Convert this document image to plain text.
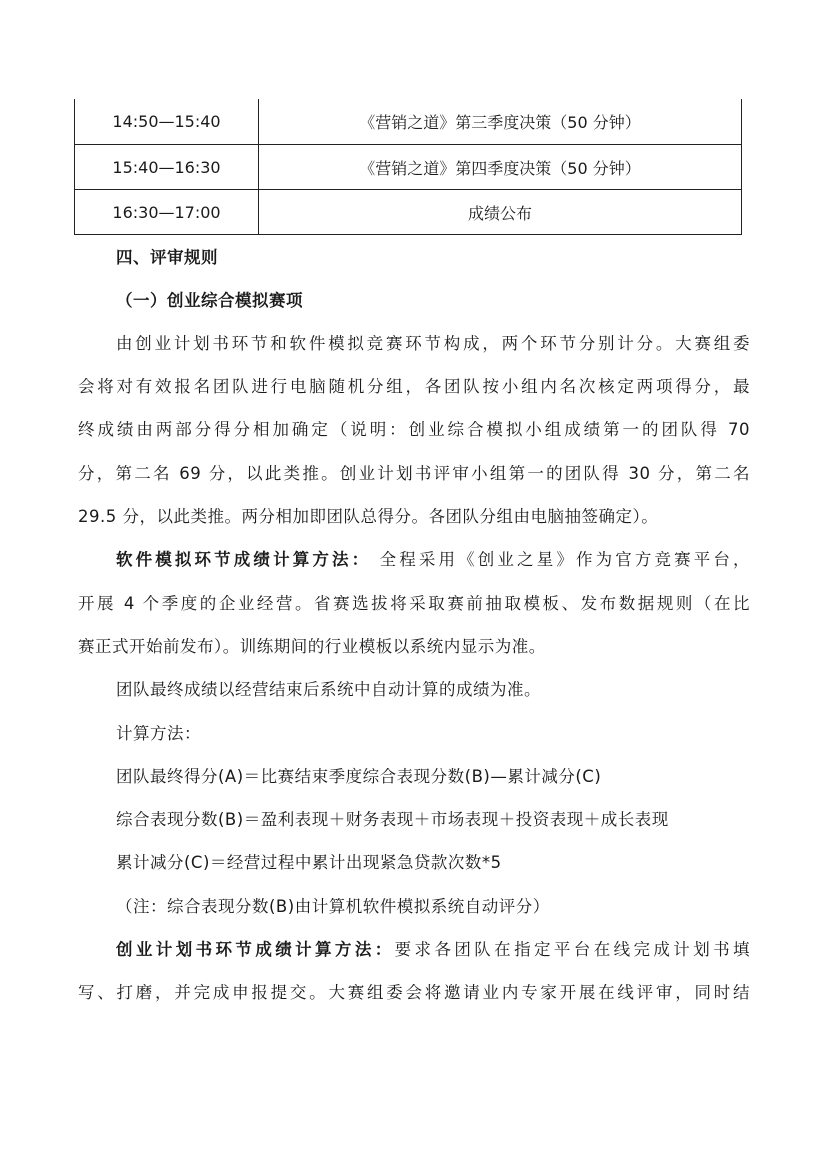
14:50—15:40	《营销之道》第三季度决策（50 分钟）
15:40—16:30	《营销之道》第四季度决策（50 分钟）
16:30—17:00	成绩公布
四、评审规则
（一）创业综合模拟赛项
由创业计划书环节和软件模拟竞赛环节构成，两个环节分别计分。大赛组委
会将对有效报名团队进行电脑随机分组，各团队按小组内名次核定两项得分，最
终成绩由两部分得分相加确定（说明：创业综合模拟小组成绩第一的团队得 70
分，第二名 69 分，以此类推。创业计划书评审小组第一的团队得 30 分，第二名
29.5 分，以此类推。两分相加即团队总得分。各团队分组由电脑抽签确定）。
软件模拟环节成绩计算方法： 全程采用《创业之星》作为官方竞赛平台，
开展 4 个季度的企业经营。省赛选拔将采取赛前抽取模板、发布数据规则（在比
赛正式开始前发布）。训练期间的行业模板以系统内显示为准。
团队最终成绩以经营结束后系统中自动计算的成绩为准。
计算方法：
团队最终得分(A)＝比赛结束季度综合表现分数(B)—累计减分(C)
综合表现分数(B)＝盈利表现＋财务表现＋市场表现＋投资表现＋成长表现
累计减分(C)＝经营过程中累计出现紧急贷款次数*5
（注：综合表现分数(B)由计算机软件模拟系统自动评分）
创业计划书环节成绩计算方法：要求各团队在指定平台在线完成计划书填
写、打磨，并完成申报提交。大赛组委会将邀请业内专家开展在线评审，同时结
